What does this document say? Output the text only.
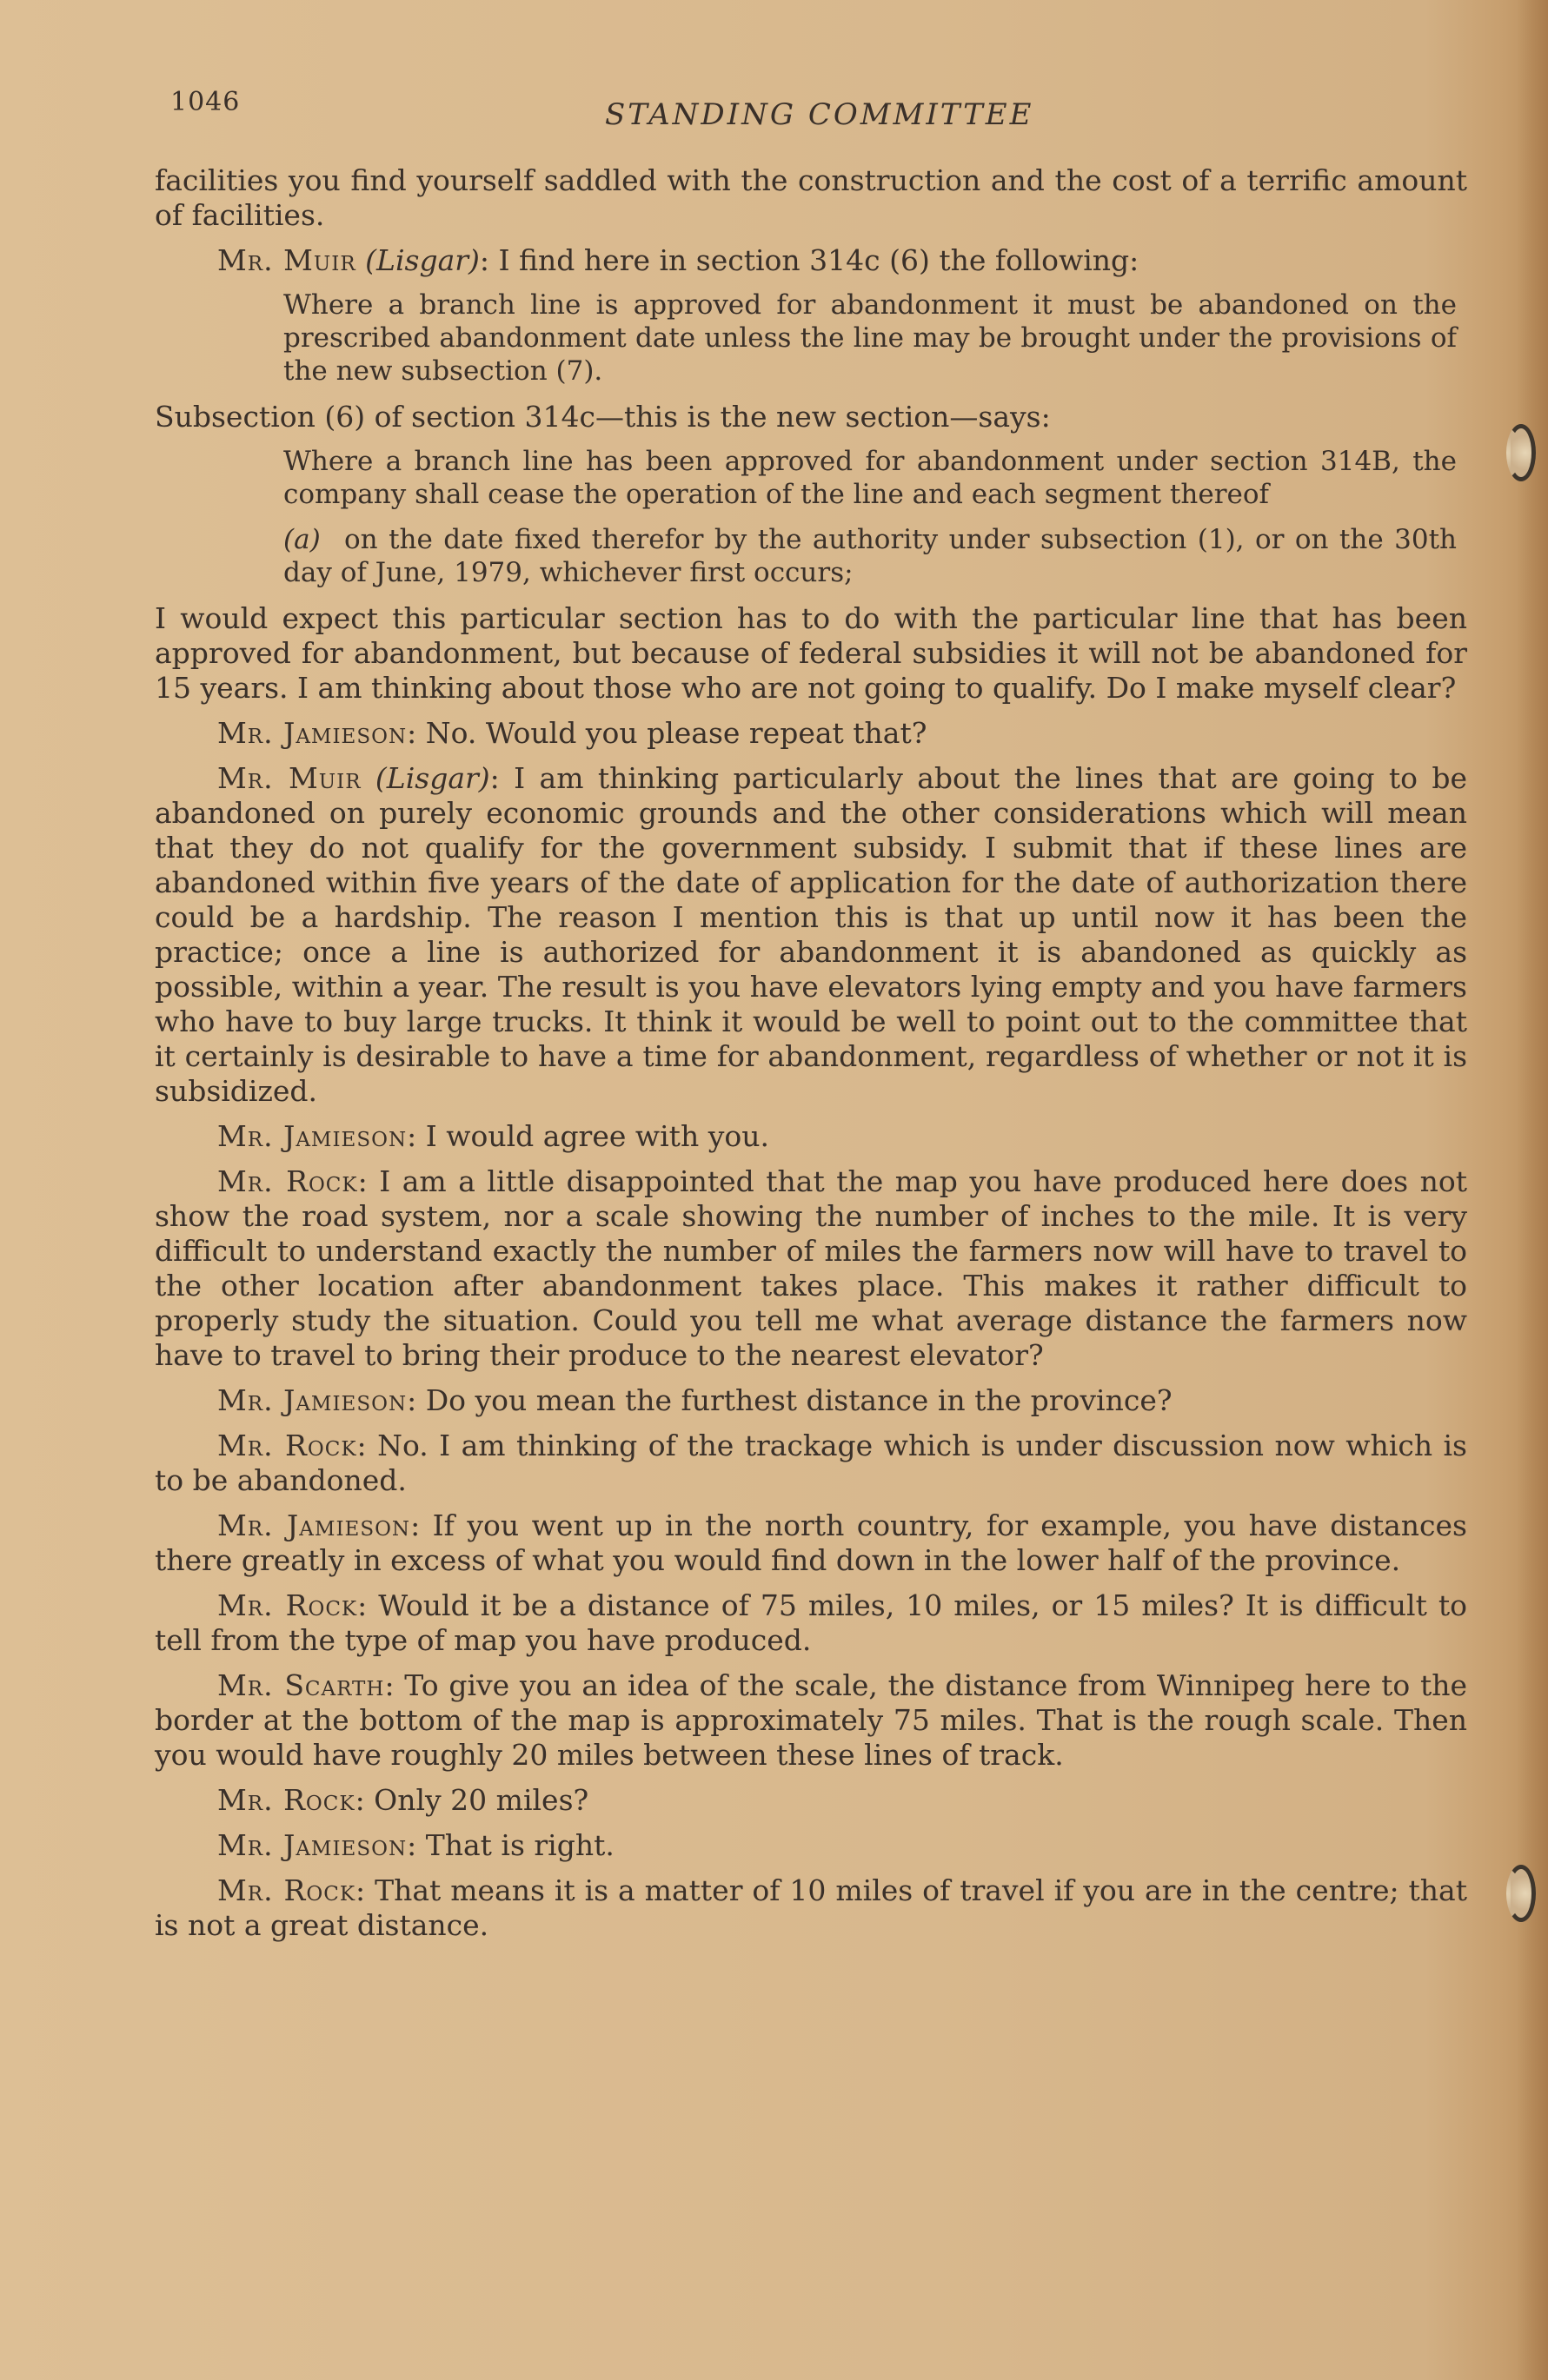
1046	STANDING COMMITTEE

facilities you find yourself saddled with the construction and the cost of a terrific amount of facilities.

Mr. Muir (Lisgar): I find here in section 314c (6) the following:

Where a branch line is approved for abandonment it must be abandoned on the prescribed abandonment date unless the line may be brought under the provisions of the new subsection (7).

Subsection (6) of section 314c—this is the new section—says:

Where a branch line has been approved for abandonment under section 314B, the company shall cease the operation of the line and each segment thereof

(a) on the date fixed therefor by the authority under subsection (1), or on the 30th day of June, 1979, whichever first occurs;

I would expect this particular section has to do with the particular line that has been approved for abandonment, but because of federal subsidies it will not be abandoned for 15 years. I am thinking about those who are not going to qualify. Do I make myself clear?

Mr. Jamieson: No. Would you please repeat that?

Mr. Muir (Lisgar): I am thinking particularly about the lines that are going to be abandoned on purely economic grounds and the other considerations which will mean that they do not qualify for the government subsidy. I submit that if these lines are abandoned within five years of the date of application for the date of authorization there could be a hardship. The reason I mention this is that up until now it has been the practice; once a line is authorized for abandonment it is abandoned as quickly as possible, within a year. The result is you have elevators lying empty and you have farmers who have to buy large trucks. It think it would be well to point out to the committee that it certainly is desirable to have a time for abandonment, regardless of whether or not it is subsidized.

Mr. Jamieson: I would agree with you.

Mr. Rock: I am a little disappointed that the map you have produced here does not show the road system, nor a scale showing the number of inches to the mile. It is very difficult to understand exactly the number of miles the farmers now will have to travel to the other location after abandonment takes place. This makes it rather difficult to properly study the situation. Could you tell me what average distance the farmers now have to travel to bring their produce to the nearest elevator?

Mr. Jamieson: Do you mean the furthest distance in the province?

Mr. Rock: No. I am thinking of the trackage which is under discussion now which is to be abandoned.

Mr. Jamieson: If you went up in the north country, for example, you have distances there greatly in excess of what you would find down in the lower half of the province.

Mr. Rock: Would it be a distance of 75 miles, 10 miles, or 15 miles? It is difficult to tell from the type of map you have produced.

Mr. Scarth: To give you an idea of the scale, the distance from Winnipeg here to the border at the bottom of the map is approximately 75 miles. That is the rough scale. Then you would have roughly 20 miles between these lines of track.

Mr. Rock: Only 20 miles?

Mr. Jamieson: That is right.

Mr. Rock: That means it is a matter of 10 miles of travel if you are in the centre; that is not a great distance.
